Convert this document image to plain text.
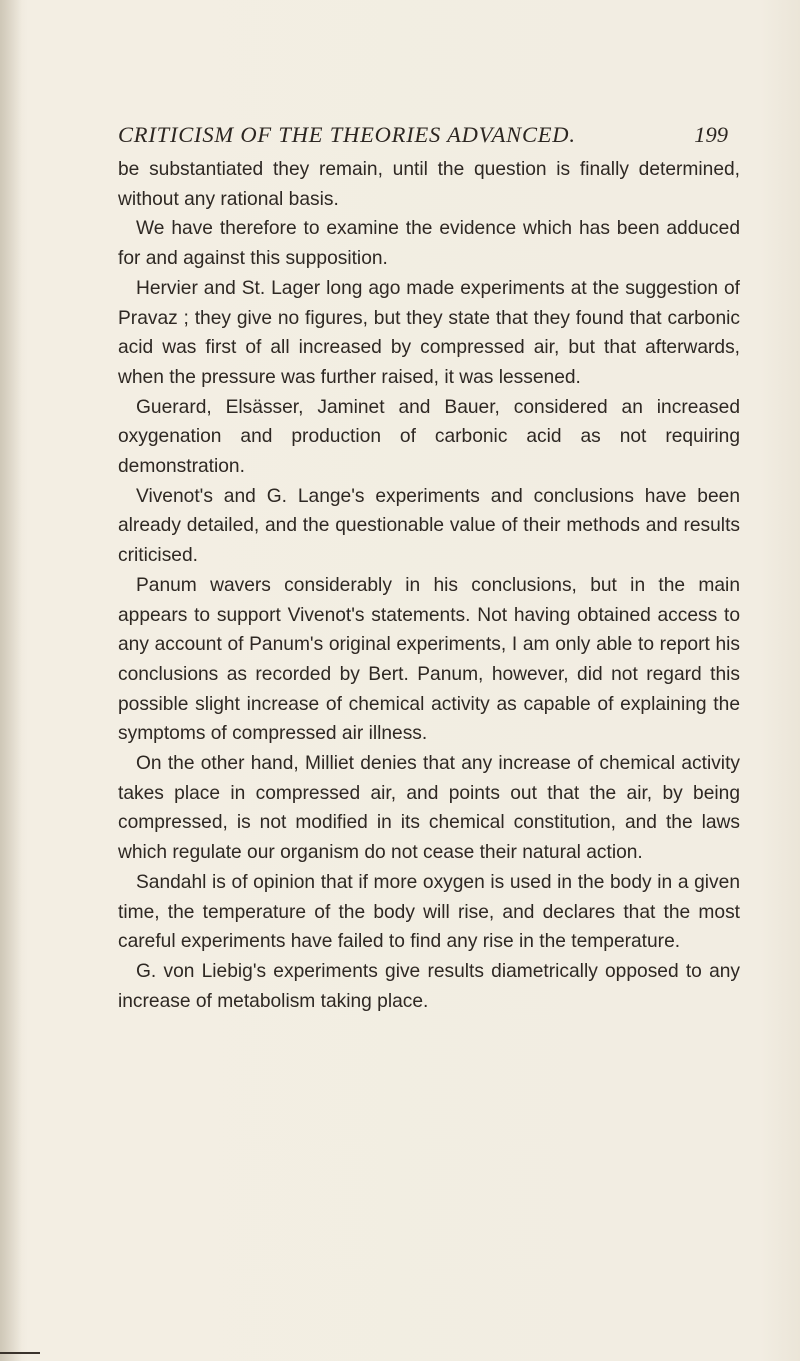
CRITICISM OF THE THEORIES ADVANCED.	199

be substantiated they remain, until the question is finally determined, without any rational basis.

We have therefore to examine the evidence which has been adduced for and against this supposition.

Hervier and St. Lager long ago made experiments at the suggestion of Pravaz ; they give no figures, but they state that they found that carbonic acid was first of all increased by compressed air, but that afterwards, when the pressure was further raised, it was lessened.

Guerard, Elsässer, Jaminet and Bauer, considered an increased oxygenation and production of carbonic acid as not requiring demonstration.

Vivenot's and G. Lange's experiments and conclusions have been already detailed, and the questionable value of their methods and results criticised.

Panum wavers considerably in his conclusions, but in the main appears to support Vivenot's statements. Not having obtained access to any account of Panum's original experiments, I am only able to report his conclusions as recorded by Bert. Panum, however, did not regard this possible slight increase of chemical activity as capable of explaining the symptoms of compressed air illness.

On the other hand, Milliet denies that any increase of chemical activity takes place in compressed air, and points out that the air, by being compressed, is not modified in its chemical constitution, and the laws which regulate our organism do not cease their natural action.

Sandahl is of opinion that if more oxygen is used in the body in a given time, the temperature of the body will rise, and declares that the most careful experiments have failed to find any rise in the temperature.

G. von Liebig's experiments give results diametrically opposed to any increase of metabolism taking place.
